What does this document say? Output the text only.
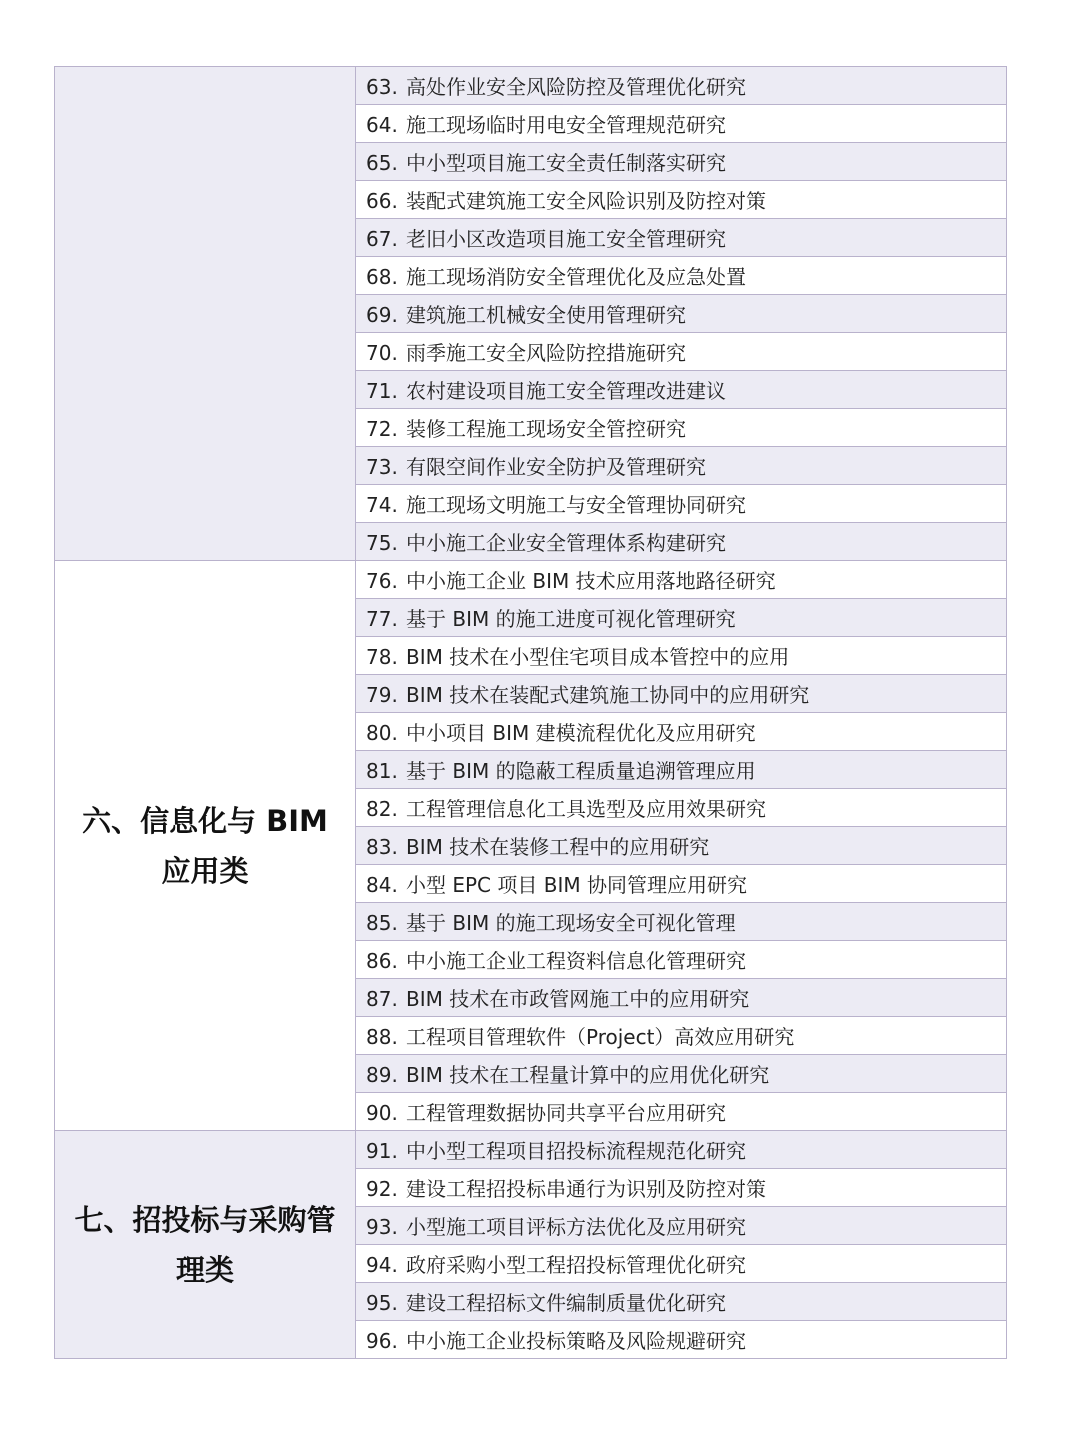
	63. 高处作业安全风险防控及管理优化研究
	64. 施工现场临时用电安全管理规范研究
	65. 中小型项目施工安全责任制落实研究
	66. 装配式建筑施工安全风险识别及防控对策
	67. 老旧小区改造项目施工安全管理研究
	68. 施工现场消防安全管理优化及应急处置
	69. 建筑施工机械安全使用管理研究
	70. 雨季施工安全风险防控措施研究
	71. 农村建设项目施工安全管理改进建议
	72. 装修工程施工现场安全管控研究
	73. 有限空间作业安全防护及管理研究
	74. 施工现场文明施工与安全管理协同研究
	75. 中小施工企业安全管理体系构建研究

六、信息化与 BIM
应用类	76. 中小施工企业 BIM 技术应用落地路径研究
	77. 基于 BIM 的施工进度可视化管理研究
	78. BIM 技术在小型住宅项目成本管控中的应用
	79. BIM 技术在装配式建筑施工协同中的应用研究
	80. 中小项目 BIM 建模流程优化及应用研究
	81. 基于 BIM 的隐蔽工程质量追溯管理应用
	82. 工程管理信息化工具选型及应用效果研究
	83. BIM 技术在装修工程中的应用研究
	84. 小型 EPC 项目 BIM 协同管理应用研究
	85. 基于 BIM 的施工现场安全可视化管理
	86. 中小施工企业工程资料信息化管理研究
	87. BIM 技术在市政管网施工中的应用研究
	88. 工程项目管理软件（Project）高效应用研究
	89. BIM 技术在工程量计算中的应用优化研究
	90. 工程管理数据协同共享平台应用研究

七、招投标与采购管
理类	91. 中小型工程项目招投标流程规范化研究
	92. 建设工程招投标串通行为识别及防控对策
	93. 小型施工项目评标方法优化及应用研究
	94. 政府采购小型工程招投标管理优化研究
	95. 建设工程招标文件编制质量优化研究
	96. 中小施工企业投标策略及风险规避研究
